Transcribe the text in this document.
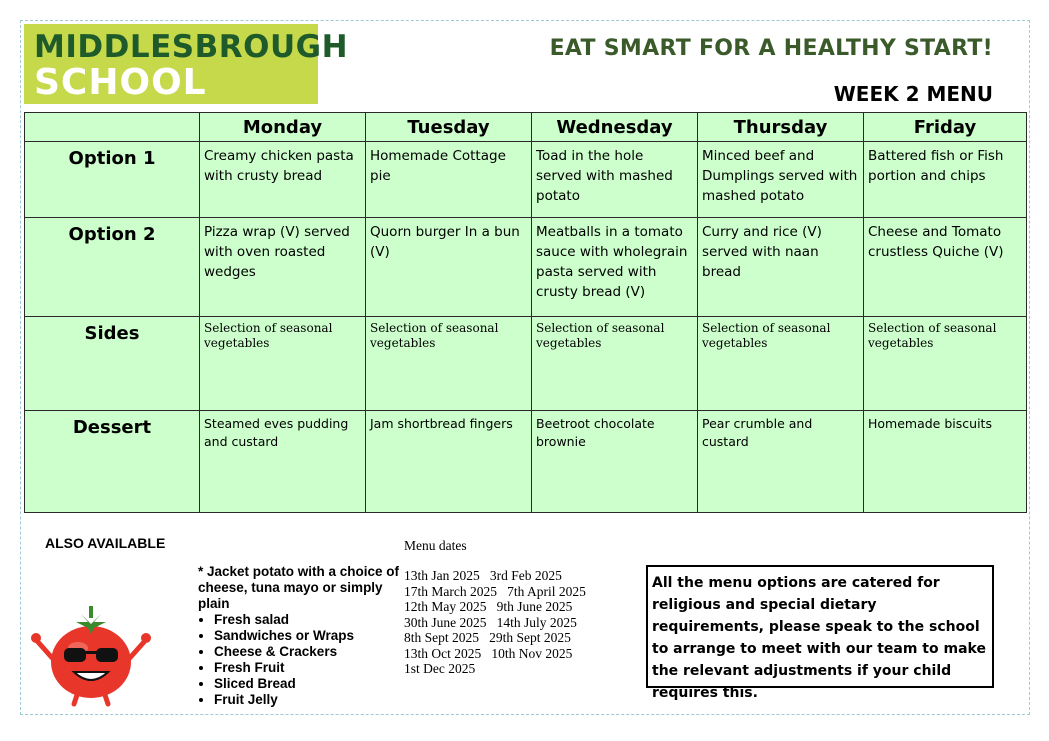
MIDDLESBROUGH
SCHOOL
EAT SMART FOR A HEALTHY START!
WEEK 2 MENU
	Monday	Tuesday	Wednesday	Thursday	Friday
Option 1	Creamy chicken pasta with crusty bread	Homemade Cottage pie	Toad in the hole served with mashed potato	Minced beef and Dumplings served with mashed potato	Battered fish or Fish portion and chips
Option 2	Pizza wrap (V) served with oven roasted wedges	Quorn burger In a bun (V)	Meatballs in a tomato sauce with wholegrain pasta served with crusty bread (V)	Curry and rice (V) served with naan bread	Cheese and Tomato crustless Quiche (V)
Sides	Selection of seasonal vegetables	Selection of seasonal vegetables	Selection of seasonal vegetables	Selection of seasonal vegetables	Selection of seasonal vegetables
Dessert	Steamed eves pudding and custard	Jam shortbread fingers	Beetroot chocolate brownie	Pear crumble and custard	Homemade biscuits
ALSO AVAILABLE
* Jacket potato with a choice of cheese, tuna mayo or simply plain
• Fresh salad
• Sandwiches or Wraps
• Cheese & Crackers
• Fresh Fruit
• Sliced Bread
• Fruit Jelly
Menu dates
13th Jan 2025   3rd Feb 2025
17th March 2025   7th April 2025
12th May 2025   9th June 2025
30th June 2025   14th July 2025
8th Sept 2025   29th Sept 2025
13th Oct 2025   10th Nov 2025
1st Dec 2025
All the menu options are catered for religious and special dietary requirements, please speak to the school to arrange to meet with our team to make the relevant adjustments if your child requires this.
